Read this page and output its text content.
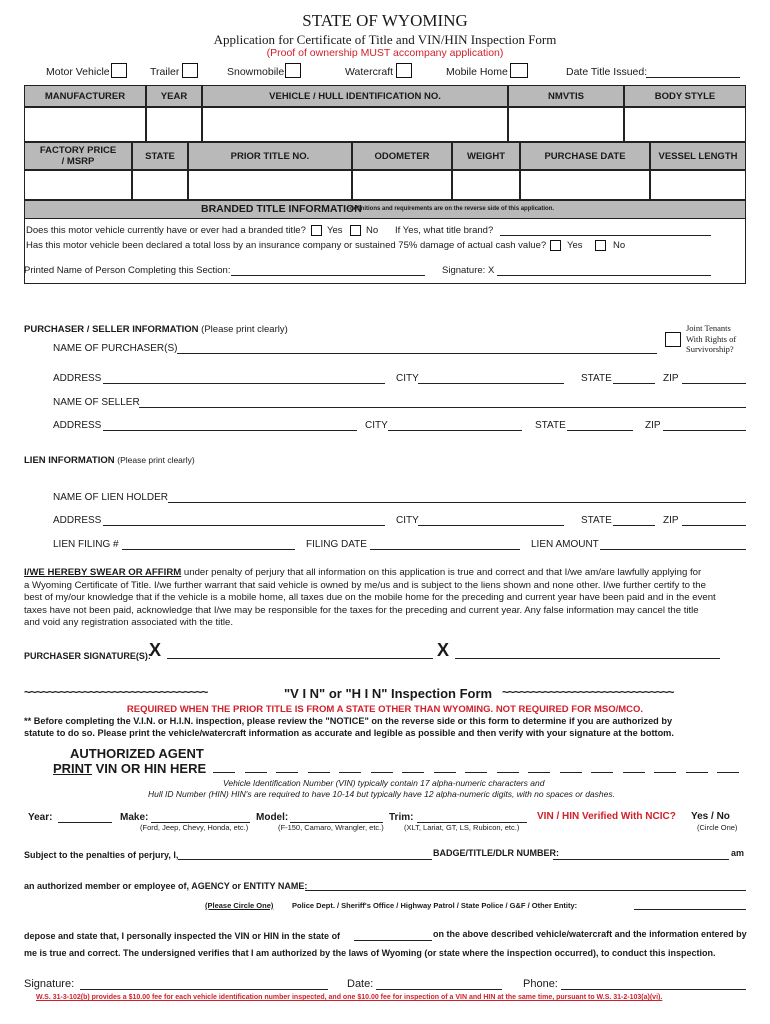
STATE OF WYOMING
Application for Certificate of Title and VIN/HIN Inspection Form
(Proof of ownership MUST accompany application)
Motor Vehicle	Trailer	Snowmobile	Watercraft	Mobile Home	Date Title Issued:
MANUFACTURER	YEAR	VEHICLE / HULL IDENTIFICATION NO.	NMVTIS	BODY STYLE
FACTORY PRICE / MSRP	STATE	PRIOR TITLE NO.	ODOMETER	WEIGHT	PURCHASE DATE	VESSEL LENGTH
BRANDED TITLE INFORMATION
-definitions and requirements are on the reverse side of this application.
Does this motor vehicle currently have or ever had a branded title? Yes No If Yes, what title brand?
Has this motor vehicle been declared a total loss by an insurance company or sustained 75% damage of actual cash value? Yes	No
Printed Name of Person Completing this Section:	Signature: X
PURCHASER / SELLER INFORMATION (Please print clearly)	Joint Tenants
With Rights of
Survivorship?
NAME OF PURCHASER(S)
ADDRESS	CITY	STATE	ZIP
NAME OF SELLER
ADDRESS	CITY	STATE	ZIP
LIEN INFORMATION (Please print clearly)
NAME OF LIEN HOLDER
ADDRESS	CITY	STATE	ZIP
LIEN FILING #	FILING DATE	LIEN AMOUNT
I/WE HEREBY SWEAR OR AFFIRM under penalty of perjury that all information on this application is true and correct and that I/we am/are lawfully applying for
a Wyoming Certificate of Title. I/we further warrant that said vehicle is owned by me/us and is subject to the liens shown and none other. I/we further certify to the
best of my/our knowledge that if the vehicle is a mobile home, all taxes due on the mobile home for the preceding and current year have been paid and in the event
taxes have not been paid, acknowledge that I/we may be responsible for the taxes for the preceding and current year. Any false information may cancel the title
and void any registration associated with the title.
PURCHASER SIGNATURE(S):
X	X
~~~~~~~~~~~~~~~~~~~~~~~~~~~~~~~	"V I N" or "H I N" Inspection Form ~~~~~~~~~~~~~~~~~~~~~~~~~~~~~
REQUIRED WHEN THE PRIOR TITLE IS FROM A STATE OTHER THAN WYOMING. NOT REQUIRED FOR MSO/MCO.
** Before completing the V.I.N. or H.I.N. inspection, please review the "NOTICE" on the reverse side or this form to determine if you are authorized by
statute to do so. Please print the vehicle/watercraft information as accurate and legible as possible and then verify with your signature at the bottom.
AUTHORIZED AGENT
PRINT VIN OR HIN HERE
Vehicle Identification Number (VIN) typically contain 17 alpha-numeric characters and
Hull ID Number (HIN) HIN's are required to have 10-14 but typically have 12 alpha-numeric digits, with no spaces or dashes.
Year:	Make:
(Ford, Jeep, Chevy, Honda, etc.)
Model:
(F-150, Camaro, Wrangler, etc.)
Trim:
(XLT, Lariat, GT, LS, Rubicon, etc.)
VIN / HIN Verified With NCIC? Yes / No
(Circle One)
Subject to the penalties of perjury, I,	BADGE/TITLE/DLR NUMBER:	am
an authorized member or employee of, AGENCY or ENTITY NAME:
(Please Circle One) Police Dept. / Sheriff's Office / Highway Patrol / State Police / G&F / Other Entity:
depose and state that, I personally inspected the VIN or HIN in the state of	on the above described vehicle/watercraft and the information entered by
me is true and correct. The undersigned verifies that I am authorized by the laws of Wyoming (or state where the inspection occurred), to conduct this inspection.
Signature:	Date:	Phone:
W.S. 31-3-102(b) provides a $10.00 fee for each vehicle identification number inspected, and one $10.00 fee for inspection of a VIN and HIN at the same time, pursuant to W.S. 31-2-103(a)(vi).
